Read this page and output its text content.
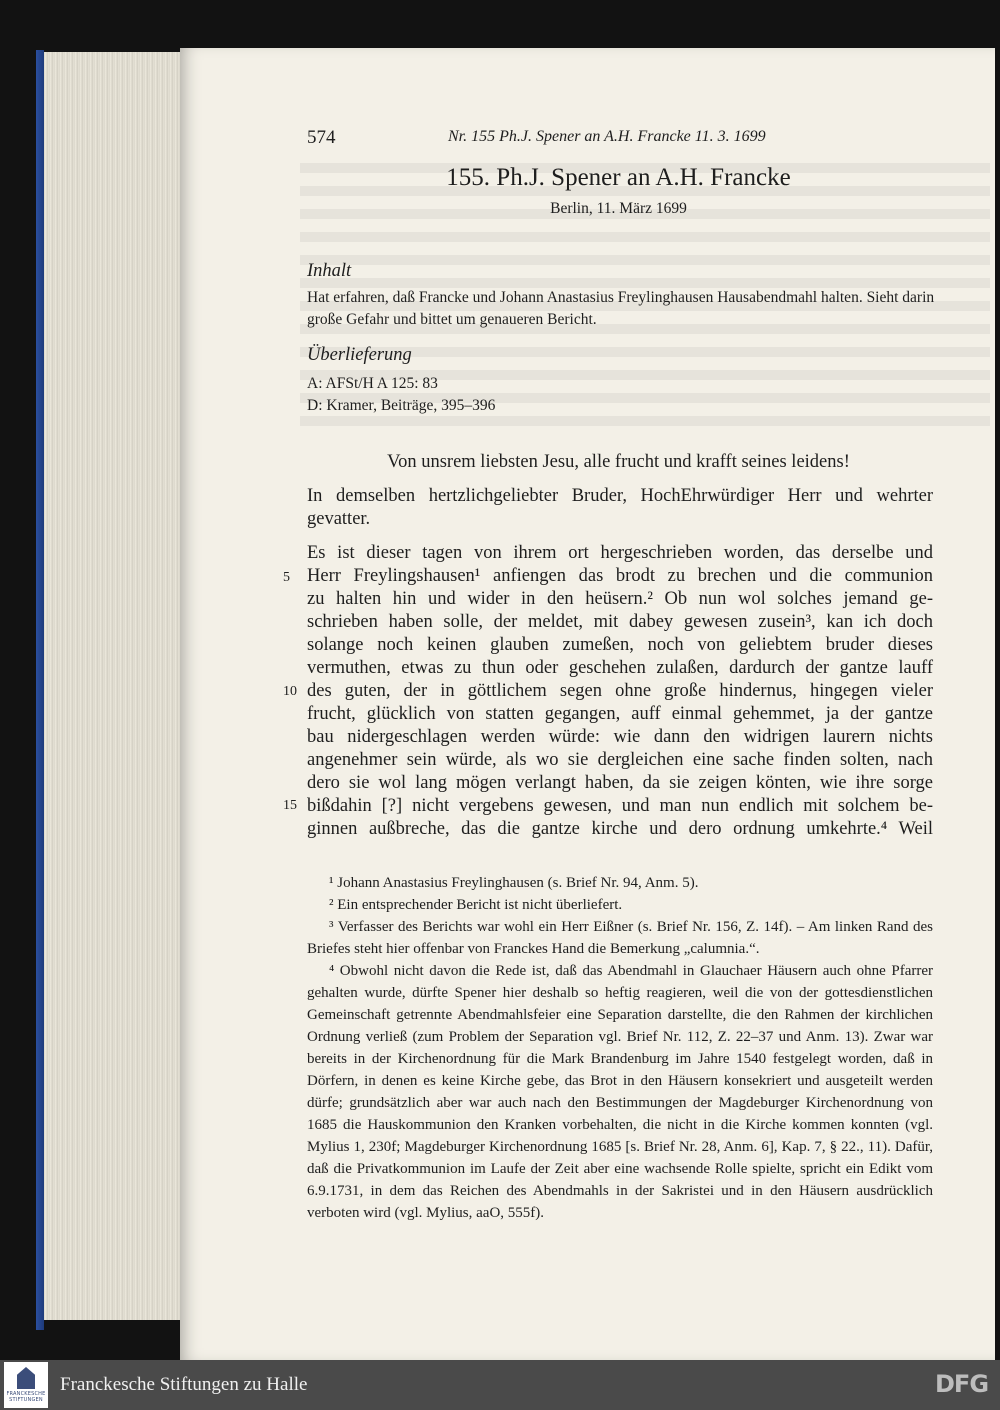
574	Nr. 155 Ph.J. Spener an A.H. Francke 11. 3. 1699
155. Ph.J. Spener an A.H. Francke
Berlin, 11. März 1699
Inhalt
Hat erfahren, daß Francke und Johann Anastasius Freylinghausen Hausabendmahl halten. Sieht darin große Gefahr und bittet um genaueren Bericht.
Überlieferung
A: AFSt/H A 125: 83
D: Kramer, Beiträge, 395–396
Von unsrem liebsten Jesu, alle frucht und krafft seines leidens!
In demselben hertzlichgeliebter Bruder, HochEhrwürdiger Herr und wehrter
gevatter.
Es ist dieser tagen von ihrem ort hergeschrieben worden, das derselbe und
Herr Freylingshausen¹ anfiengen das brodt zu brechen und die communion
zu halten hin und wider in den heüsern.² Ob nun wol solches jemand ge-
schrieben haben solle, der meldet, mit dabey gewesen zusein³, kan ich doch
solange noch keinen glauben zumeßen, noch von geliebtem bruder dieses
vermuthen, etwas zu thun oder geschehen zulaßen, dardurch der gantze lauff
des guten, der in göttlichem segen ohne große hindernus, hingegen vieler
frucht, glücklich von statten gegangen, auff einmal gehemmet, ja der gantze
bau nidergeschlagen werden würde: wie dann den widrigen laurern nichts
angenehmer sein würde, als wo sie dergleichen eine sache finden solten, nach
dero sie wol lang mögen verlangt haben, da sie zeigen könten, wie ihre sorge
bißdahin [?] nicht vergebens gewesen, und man nun endlich mit solchem be-
ginnen außbreche, das die gantze kirche und dero ordnung umkehrte.⁴ Weil
5
10
15

¹ Johann Anastasius Freylinghausen (s. Brief Nr. 94, Anm. 5).

² Ein entsprechender Bericht ist nicht überliefert.

³ Verfasser des Berichts war wohl ein Herr Eißner (s. Brief Nr. 156, Z. 14f). – Am linken Rand des Briefes steht hier offenbar von Franckes Hand die Bemerkung „calumnia.“.

⁴ Obwohl nicht davon die Rede ist, daß das Abendmahl in Glauchaer Häusern auch ohne Pfarrer gehalten wurde, dürfte Spener hier deshalb so heftig reagieren, weil die von der gottesdienstlichen Gemeinschaft getrennte Abendmahlsfeier eine Separation darstellte, die den Rahmen der kirchlichen Ordnung verließ (zum Problem der Separation vgl. Brief Nr. 112, Z. 22–37 und Anm. 13). Zwar war bereits in der Kirchenordnung für die Mark Brandenburg im Jahre 1540 festgelegt worden, daß in Dörfern, in denen es keine Kirche gebe, das Brot in den Häusern konsekriert und ausgeteilt werden dürfe; grundsätzlich aber war auch nach den Bestimmungen der Magdeburger Kirchenordnung von 1685 die Hauskommunion den Kranken vorbehalten, die nicht in die Kirche kommen konnten (vgl. Mylius 1, 230f; Magdeburger Kirchenordnung 1685 [s. Brief Nr. 28, Anm. 6], Kap. 7, § 22., 11). Dafür, daß die Privatkommunion im Laufe der Zeit aber eine wachsende Rolle spielte, spricht ein Edikt vom 6.9.1731, in dem das Reichen des Abendmahls in der Sakristei und in den Häusern ausdrücklich verboten wird (vgl. Mylius, aaO, 555f).

FRANCKESCHE STIFTUNGEN
Franckesche Stiftungen zu Halle	DFG
